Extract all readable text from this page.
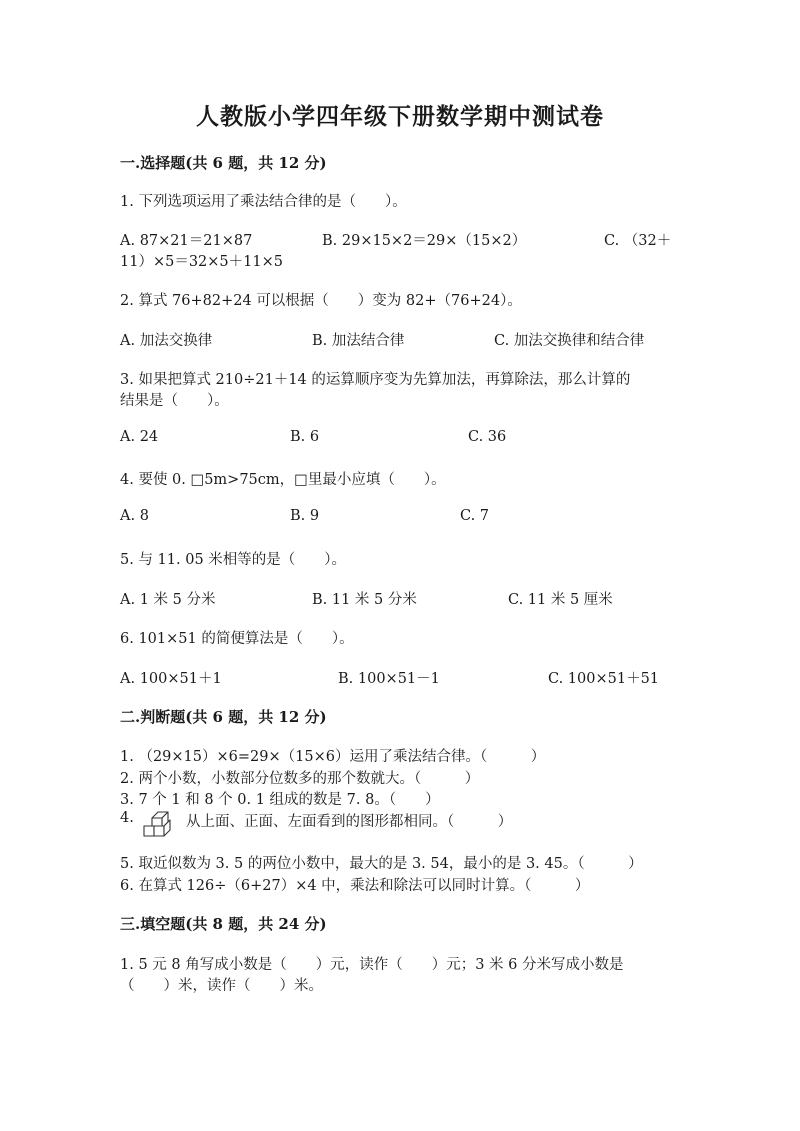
人教版小学四年级下册数学期中测试卷
一.选择题(共 6 题，共 12 分)
1. 下列选项运用了乘法结合律的是（　　）。
A. 87×21＝21×87	B. 29×15×2＝29×（15×2）	C. （32＋
11）×5＝32×5＋11×5
2. 算式 76+82+24 可以根据（　　）变为 82+（76+24）。
A. 加法交换律	B. 加法结合律	C. 加法交换律和结合律
3. 如果把算式 210÷21＋14 的运算顺序变为先算加法，再算除法，那么计算的
结果是（　　）。
A. 24	B. 6	C. 36
4. 要使 0. □5m>75cm，□里最小应填（　　）。
A. 8	B. 9	C. 7
5. 与 11. 05 米相等的是（　　）。
A. 1 米 5 分米	B. 11 米 5 分米	C. 11 米 5 厘米
6. 101×51 的简便算法是（　　）。
A. 100×51＋1	B. 100×51－1	C. 100×51＋51
二.判断题(共 6 题，共 12 分)
1. （29×15）×6=29×（15×6）运用了乘法结合律。（　　　）
2. 两个小数，小数部分位数多的那个数就大。（　　　）
3. 7 个 1 和 8 个 0. 1 组成的数是 7. 8。（　　）
4.	从上面、正面、左面看到的图形都相同。（　　　）
5. 取近似数为 3. 5 的两位小数中，最大的是 3. 54，最小的是 3. 45。（　　　）
6. 在算式 126÷（6+27）×4 中，乘法和除法可以同时计算。（　　　）
三.填空题(共 8 题，共 24 分)
1. 5 元 8 角写成小数是（　　）元，读作（　　）元；3 米 6 分米写成小数是
（　　）米，读作（　　）米。
